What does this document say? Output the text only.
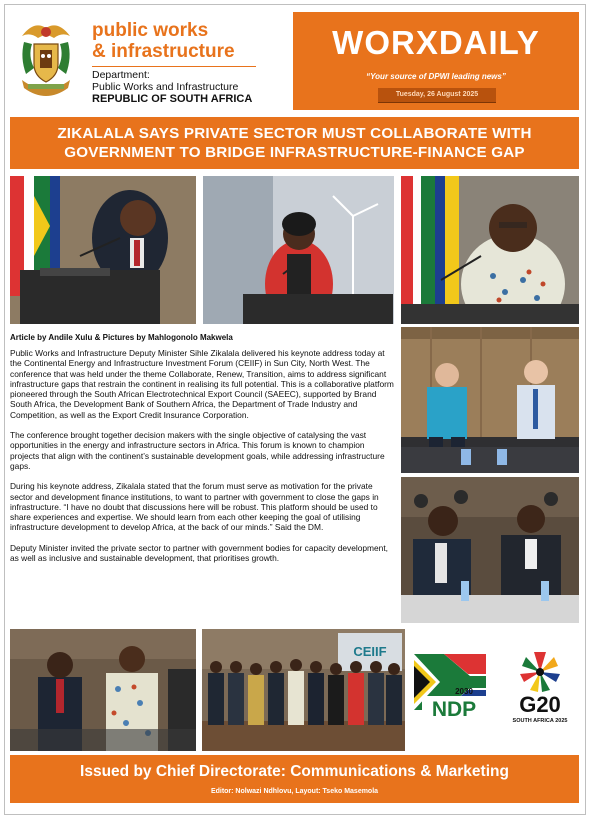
public works
& infrastructure
Department:
Public Works and Infrastructure
REPUBLIC OF SOUTH AFRICA
WORXDAILY
“Your source of DPWI leading news”
Tuesday, 26 August 2025
ZIKALALA SAYS PRIVATE SECTOR MUST COLLABORATE WITH
GOVERNMENT TO BRIDGE INFRASTRUCTURE-FINANCE GAP
Article by Andile Xulu & Pictures by Mahlogonolo Makwela

Public Works and Infrastructure Deputy Minister Sihle Zikalala delivered his keynote address today at the Continental Energy and Infrastructure Investment Forum (CEIIF) in Sun City, North West. The conference that was held under the theme Collaborate, Renew, Transition, aims to address significant infrastructure gaps that restrain the continent in realising its full potential. This is a collaborative platform pioneered through the South African Electrotechnical Export Council (SAEEC), supported by Brand South Africa, the Development Bank of Southern Africa, the Department of Trade Industry and Competition, as well as the Export Credit Insurance Corporation.

The conference brought together decision makers with the single objective of catalysing the vast opportunities in the energy and infrastructure sectors in Africa. This forum is known to champion projects that align with the continent’s sustainable development goals, while addressing infrastructure gaps.

During his keynote address, Zikalala stated that the forum must serve as motivation for the private sector and development finance institutions, to want to partner with government to close the gaps in infrastructure. “I have no doubt that discussions here will be robust. This platform should be used to share experiences and expertise. We should learn from each other keeping the goal of utilising infrastructure development to develop Africa, at the back of our minds.” Said the DM.

Deputy Minister invited the private sector to partner with government bodies for capacity development, as well as inclusive and sustainable development, that prioritises growth.

CEIIF
2030
NDP G20
SOUTH AFRICA 2025
Issued by Chief Directorate: Communications & Marketing
Editor: Nolwazi Ndhlovu, Layout: Tseko Masemola
